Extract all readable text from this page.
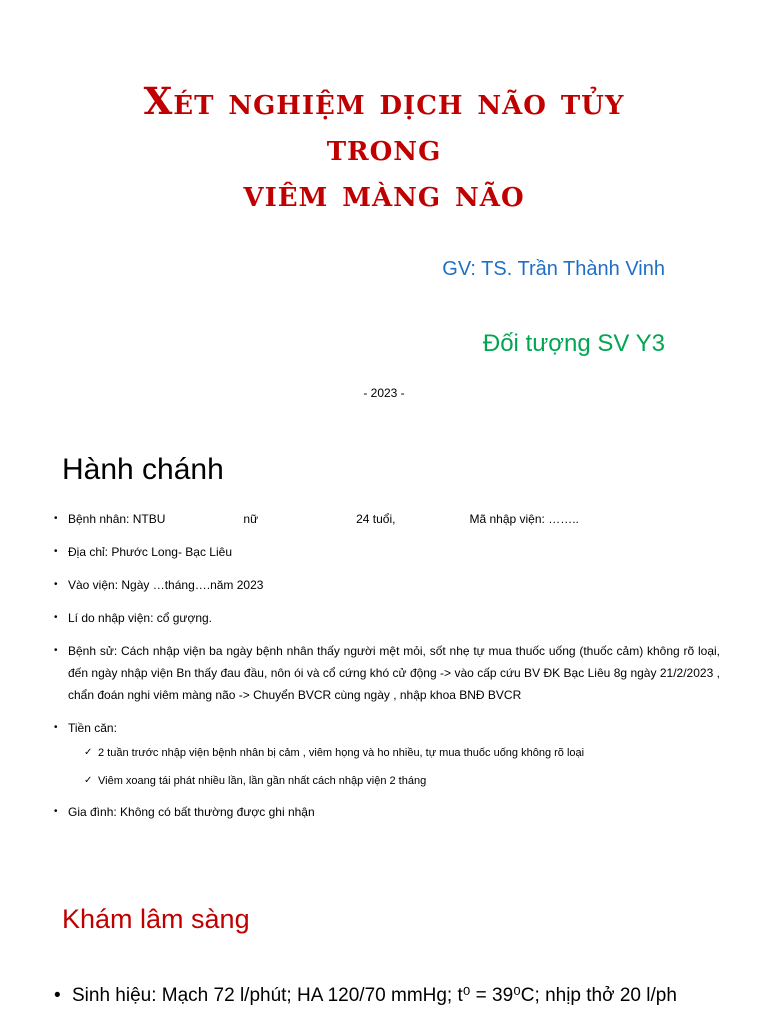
Xét nghiệm dịch não tủy
trong
viêm màng não
GV: TS. Trần Thành Vinh
Đối tượng SV Y3
- 2023 -
Hành chánh
• Bệnh nhân: NTBU	nữ	24 tuổi,	Mã nhập viện: ……..
• Địa chỉ: Phước Long- Bạc Liêu
• Vào viện: Ngày …tháng….năm 2023
• Lí do nhập viện: cổ gượng.
• Bệnh sử: Cách nhập viện ba ngày bệnh nhân thấy người mệt mỏi, sốt nhẹ tự mua thuốc uống (thuốc cảm) không rõ loại, đến ngày nhập viện Bn thấy đau đầu, nôn ói và cổ cứng khó cử động -> vào cấp cứu BV ĐK Bạc Liêu 8g ngày 21/2/2023 , chẩn đoán nghi viêm màng não -> Chuyển BVCR cùng ngày , nhập khoa BNĐ BVCR
• Tiền căn:
✓ 2 tuần trước nhập viện bệnh nhân bị cảm , viêm họng và ho nhiều, tự mua thuốc uống không rõ loại
✓ Viêm xoang tái phát nhiều lần, lần gần nhất cách nhập viện 2 tháng
• Gia đình: Không có bất thường được ghi nhận
Khám lâm sàng
• Sinh hiệu: Mạch 72 l/phút; HA 120/70 mmHg; t⁰ = 39⁰C; nhịp thở 20 l/ph
